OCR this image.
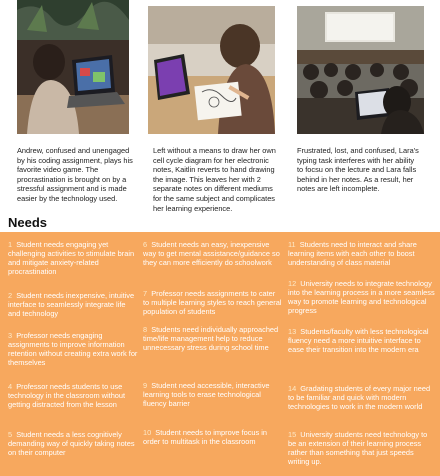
Andrew, confused and unengaged by his coding assignment, plays his favorite video game. The procrastination is brought on by a stressful assignment and is made easier by the technology used.
Left without a means to draw her own cell cycle diagram for her electronic notes, Kaitlin reverts to hand drawing the image. This leaves her with 2 separate notes on different mediums for the same subject and complicates her learning experience.
Frustrated, lost, and confused, Lara's typing task interferes with her ability to focsu on the lecture and Lara falls behind in her notes. As a result, her notes are left incomplete.
Needs
1 Student needs engaging yet challenging activities to stimulate brain and mitigate anxiety-related procrastination
2 Student needs inexpensive, intuitive interface to seamlessly integrate life and technology
3 Professor needs engaging assignments to improve information retention without creating extra work for themselves
4 Professor needs students to use technology in the classroom without getting distracted from the lesson
5 Student needs a less cognitively demanding way of quickly taking notes on their computer
6 Student needs an easy, inexpensive way to get mental assistance/guidance so they can more efficiently do schoolwork
7 Professor needs assignments to cater to multiple learning styles to reach general population of students
8 Students need individually approached time/life management help to reduce unnecessary stress during school time
9 Student need accessible, interactive learning tools to erase technological fluency barrier
10 Student needs to improve focus in order to multitask in the classroom
11 Students need to interact and share learning items with each other to boost understanding of class material
12 University needs to integrate technology into the learning process in a more seamless way to promote learning and technological progress
13 Students/faculty with less technological fluency need a more intuitive interface to ease their transition into the modern era
14 Gradating students of every major need to be familiar and quick with modern technologies to work in the modern world
15 University students need technology to be an extension of their learning process rather than something that just speeds writing up.
